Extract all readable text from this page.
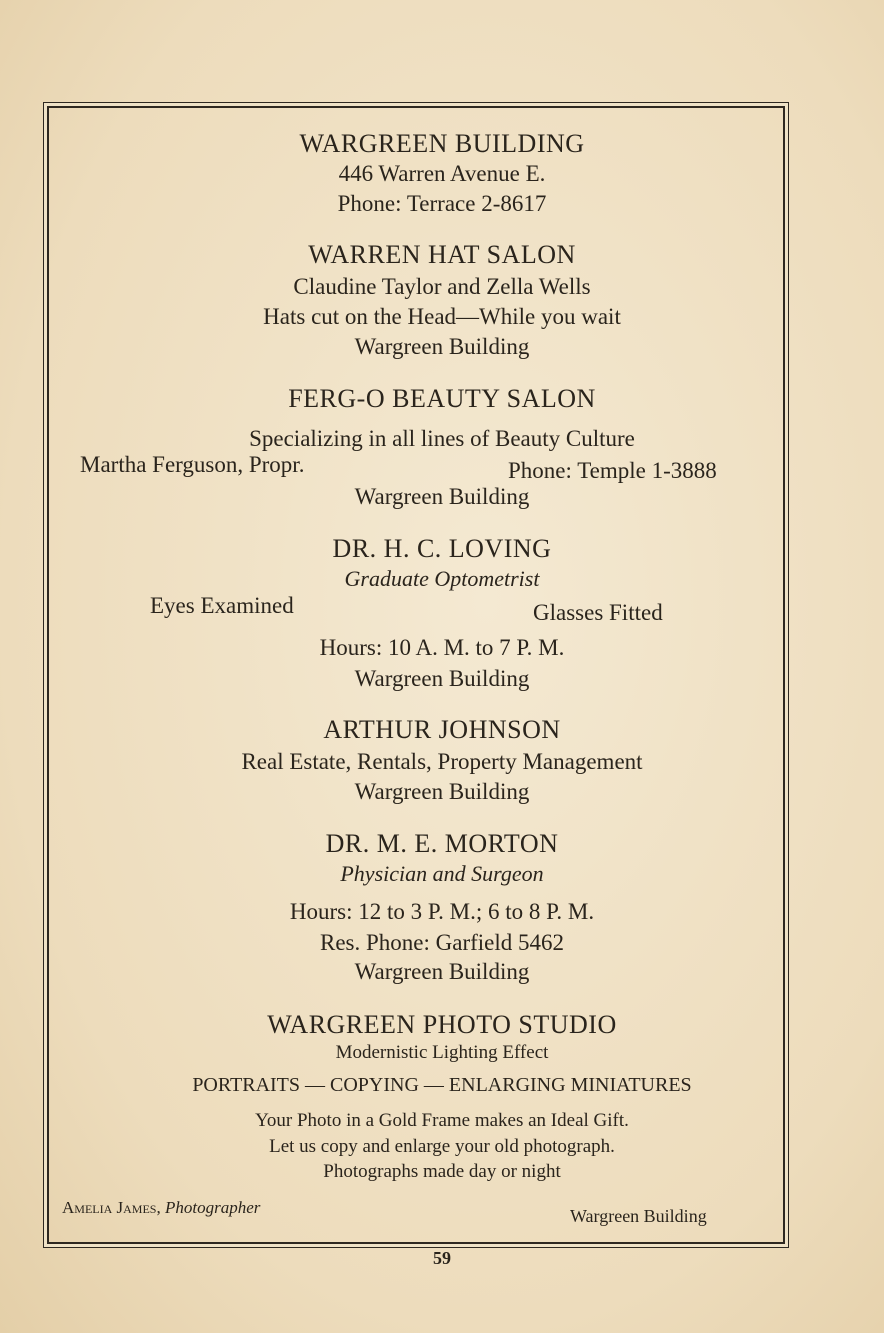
WARGREEN BUILDING
446 Warren Avenue E.
Phone: Terrace 2-8617
WARREN HAT SALON
Claudine Taylor and Zella Wells
Hats cut on the Head—While you wait
Wargreen Building
FERG-O BEAUTY SALON
Specializing in all lines of Beauty Culture
Martha Ferguson, Propr.	Phone: Temple 1-3888
Wargreen Building
DR. H. C. LOVING
Graduate Optometrist
Eyes Examined	Glasses Fitted
Hours: 10 A. M. to 7 P. M.
Wargreen Building
ARTHUR JOHNSON
Real Estate, Rentals, Property Management
Wargreen Building
DR. M. E. MORTON
Physician and Surgeon
Hours: 12 to 3 P. M.; 6 to 8 P. M.
Res. Phone: Garfield 5462
Wargreen Building
WARGREEN PHOTO STUDIO
Modernistic Lighting Effect
PORTRAITS — COPYING — ENLARGING MINIATURES
Your Photo in a Gold Frame makes an Ideal Gift.
Let us copy and enlarge your old photograph.
Photographs made day or night
Amelia James, Photographer	Wargreen Building
59
